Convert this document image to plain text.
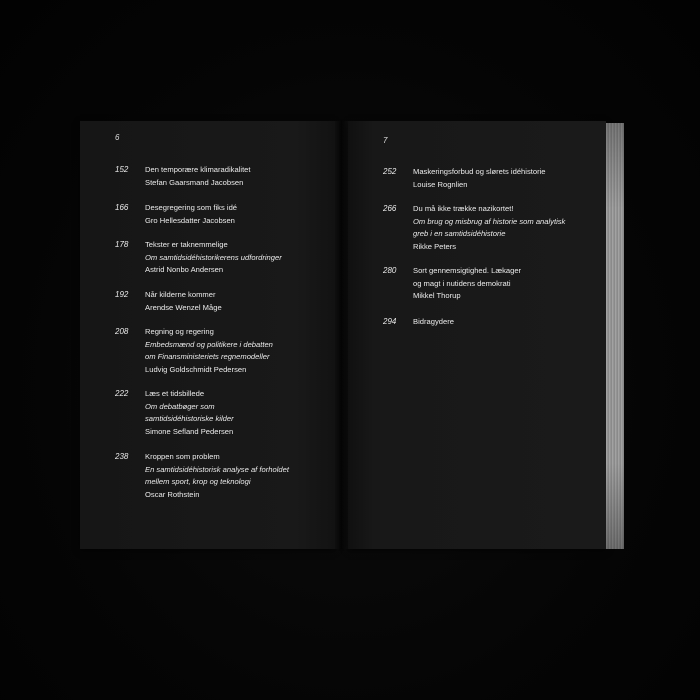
6
152 Den temporære klimaradikalitet
Stefan Gaarsmand Jacobsen
166 Desegregering som fiks idé
Gro Hellesdatter Jacobsen
178 Tekster er taknemmelige
Om samtidsidéhistorikerens udfordringer
Astrid Nonbo Andersen
192 Når kilderne kommer
Arendse Wenzel Måge
208 Regning og regering
Embedsmænd og politikere i debatten
om Finansministeriets regnemodeller
Ludvig Goldschmidt Pedersen
222 Læs et tidsbillede
Om debatbøger som
samtidsidéhistoriske kilder
Simone Sefland Pedersen
238 Kroppen som problem
En samtidsidéhistorisk analyse af forholdet
mellem sport, krop og teknologi
Oscar Rothstein
7
252 Maskeringsforbud og slørets idéhistorie
Louise Rognlien
266 Du må ikke trække nazikortet!
Om brug og misbrug af historie som analytisk
greb i en samtidsidéhistorie
Rikke Peters
280 Sort gennemsigtighed. Lækager
og magt i nutidens demokrati
Mikkel Thorup
294 Bidragydere
